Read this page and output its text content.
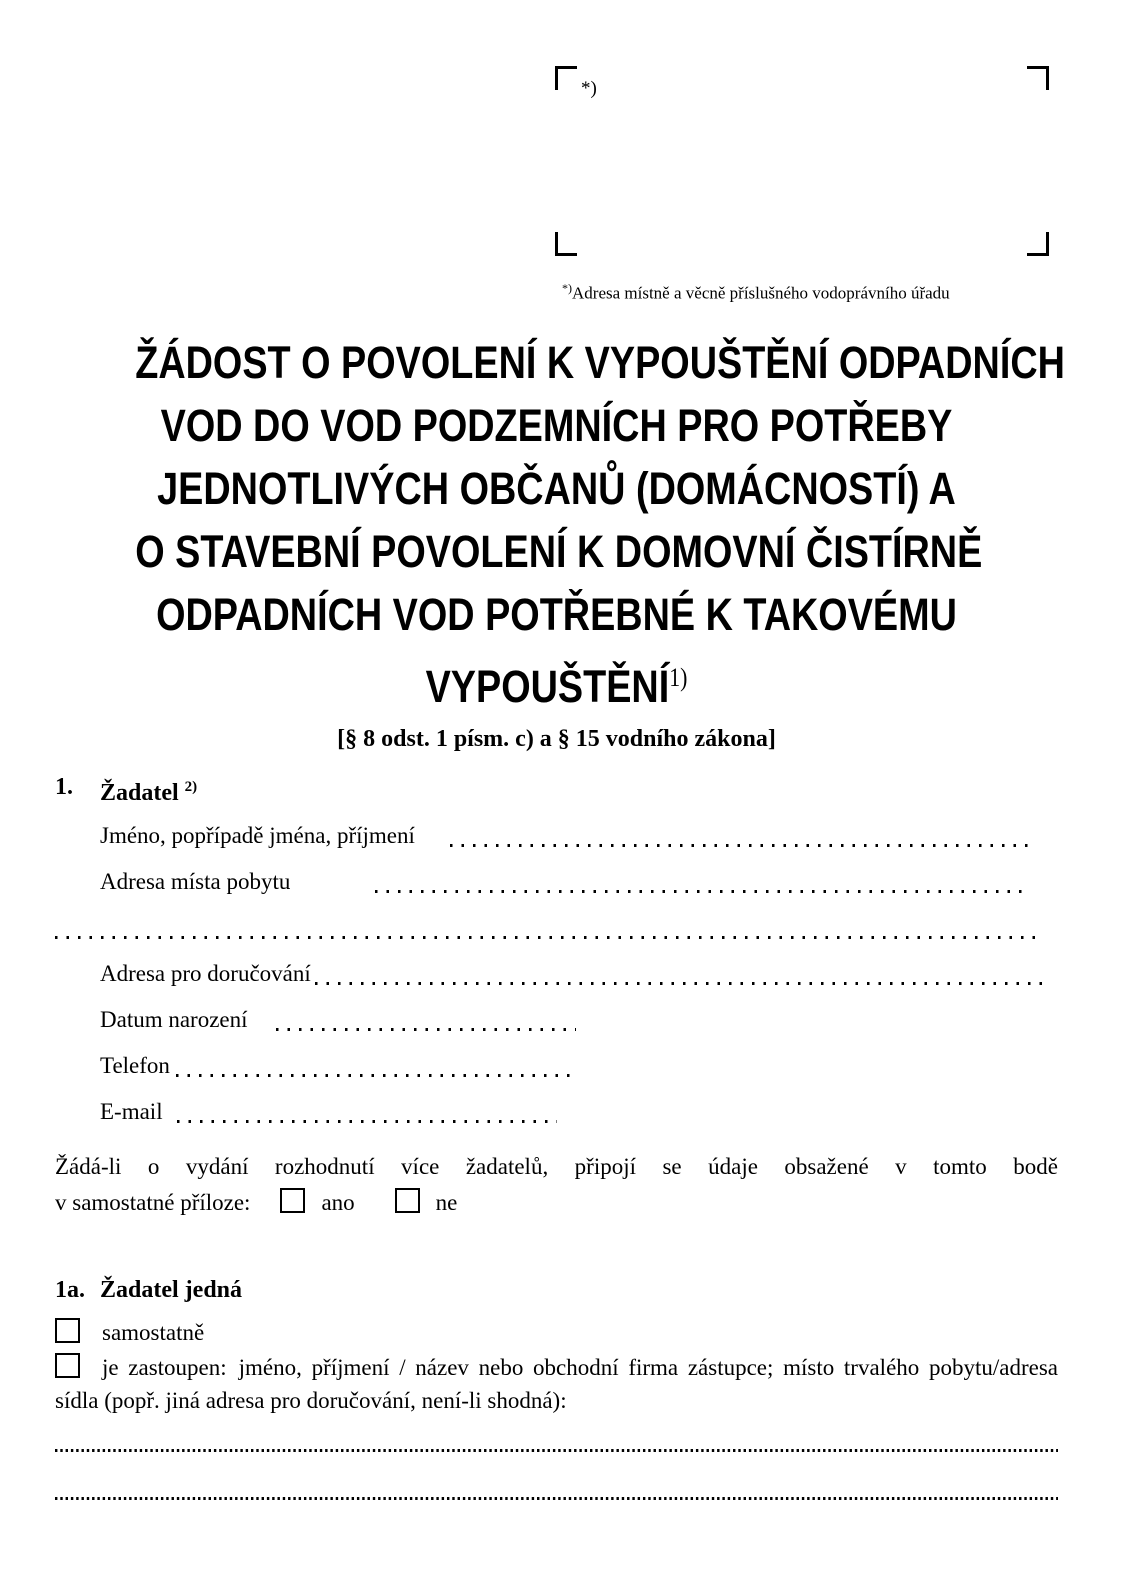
*)
*)Adresa místně a věcně příslušného vodoprávního úřadu
ŽÁDOST O POVOLENÍ K VYPOUŠTĚNÍ ODPADNÍCH
VOD DO VOD PODZEMNÍCH PRO POTŘEBY
JEDNOTLIVÝCH OBČANŮ (DOMÁCNOSTÍ) A
O STAVEBNÍ POVOLENÍ K DOMOVNÍ ČISTÍRNĚ
ODPADNÍCH VOD POTŘEBNÉ K TAKOVÉMU
VYPOUŠTĚNÍ$^{1)}$
[§ 8 odst. 1 písm. c) a § 15 vodního zákona]
1.	Žadatel $^{2)}$
Jméno, popřípadě jména, příjmení
Adresa místa pobytu
Adresa pro doručování
Datum narození
Telefon
E-mail
Žádá-li o vydání rozhodnutí více žadatelů, připojí se údaje obsažené v tomto bodě
v samostatné příloze:	ano	ne
1a. Žadatel jedná
samostatně
je zastoupen: jméno, příjmení / název nebo obchodní firma zástupce; místo trvalého pobytu/adresa sídla (popř. jiná adresa pro doručování, není-li shodná):
